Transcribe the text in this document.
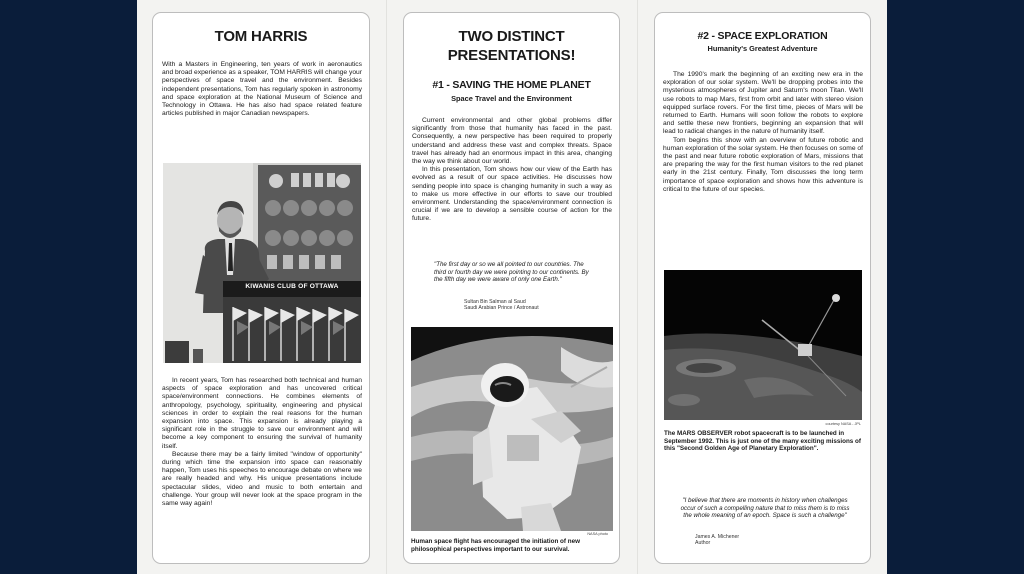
TOM HARRIS
With a Masters in Engineering, ten years of work in aeronautics and broad experience as a speaker, TOM HARRIS will change your perspectives of space travel and the environment. Besides independent presentations, Tom has regularly spoken in astronomy and space exploration at the National Museum of Science and Technology in Ottawa. He has also had space related feature articles published in major Canadian newspapers.
KIWANIS CLUB OF OTTAWA

In recent years, Tom has researched both technical and human aspects of space exploration and has uncovered critical space/environment connections. He combines elements of anthropology, psychology, spirituality, engineering and physical sciences in order to explain the real reasons for the human expansion into space. This expansion is already playing a significant role in the struggle to save our environment and will become a key component to ensuring the survival of humanity itself.

Because there may be a fairly limited "window of opportunity" during which time the expansion into space can reasonably happen, Tom uses his speeches to encourage debate on where we are really headed and why. His unique presentations include spectacular slides, video and music to both entertain and challenge. Your group will never look at the space program in the same way again!

TWO DISTINCT
PRESENTATIONS!
#1 - SAVING THE HOME PLANET
Space Travel and the Environment

Current environmental and other global problems differ significantly from those that humanity has faced in the past. Consequently, a new perspective has been required to properly understand and address these vast and complex threats. Space travel has already had an enormous impact in this area, changing the way we think about our world.

In this presentation, Tom shows how our view of the Earth has evolved as a result of our space activities. He discusses how sending people into space is changing humanity in such a way as to make us more effective in our efforts to save our troubled environment. Understanding the space/environment connection is crucial if we are to develop a sensible course of action for the future.

"The first day or so we all pointed to our countries. The third or fourth day we were pointing to our continents. By the fifth day we were aware of only one Earth."
Sultan Bin Salman al Saud
Saudi Arabian Prince / Astronaut
NASA photo
Human space flight has encouraged the initiation of new philosophical perspectives important to our survival.
#2 - SPACE EXPLORATION
Humanity's Greatest Adventure

The 1990's mark the beginning of an exciting new era in the exploration of our solar system. We'll be dropping probes into the mysterious atmospheres of Jupiter and Saturn's moon Titan. We'll use robots to map Mars, first from orbit and later with stereo vision equipped surface rovers. For the first time, pieces of Mars will be returned to Earth. Humans will soon follow the robots to explore and settle these new frontiers, beginning an expansion that will lead to radical changes in the nature of humanity itself.

Tom begins this show with an overview of future robotic and human exploration of the solar system. He then focuses on some of the past and near future robotic exploration of Mars, missions that are preparing the way for the first human visitors to the red planet early in the 21st century. Finally, Tom discusses the long term importance of space exploration and shows how this adventure is critical to the future of our species.

courtesy NASA - JPL
The MARS OBSERVER robot spacecraft is to be launched in September 1992. This is just one of the many exciting missions of this "Second Golden Age of Planetary Exploration".
"I believe that there are moments in history when challenges occur of such a compelling nature that to miss them is to miss the whole meaning of an epoch. Space is such a challenge"
James A. Michener
Author
